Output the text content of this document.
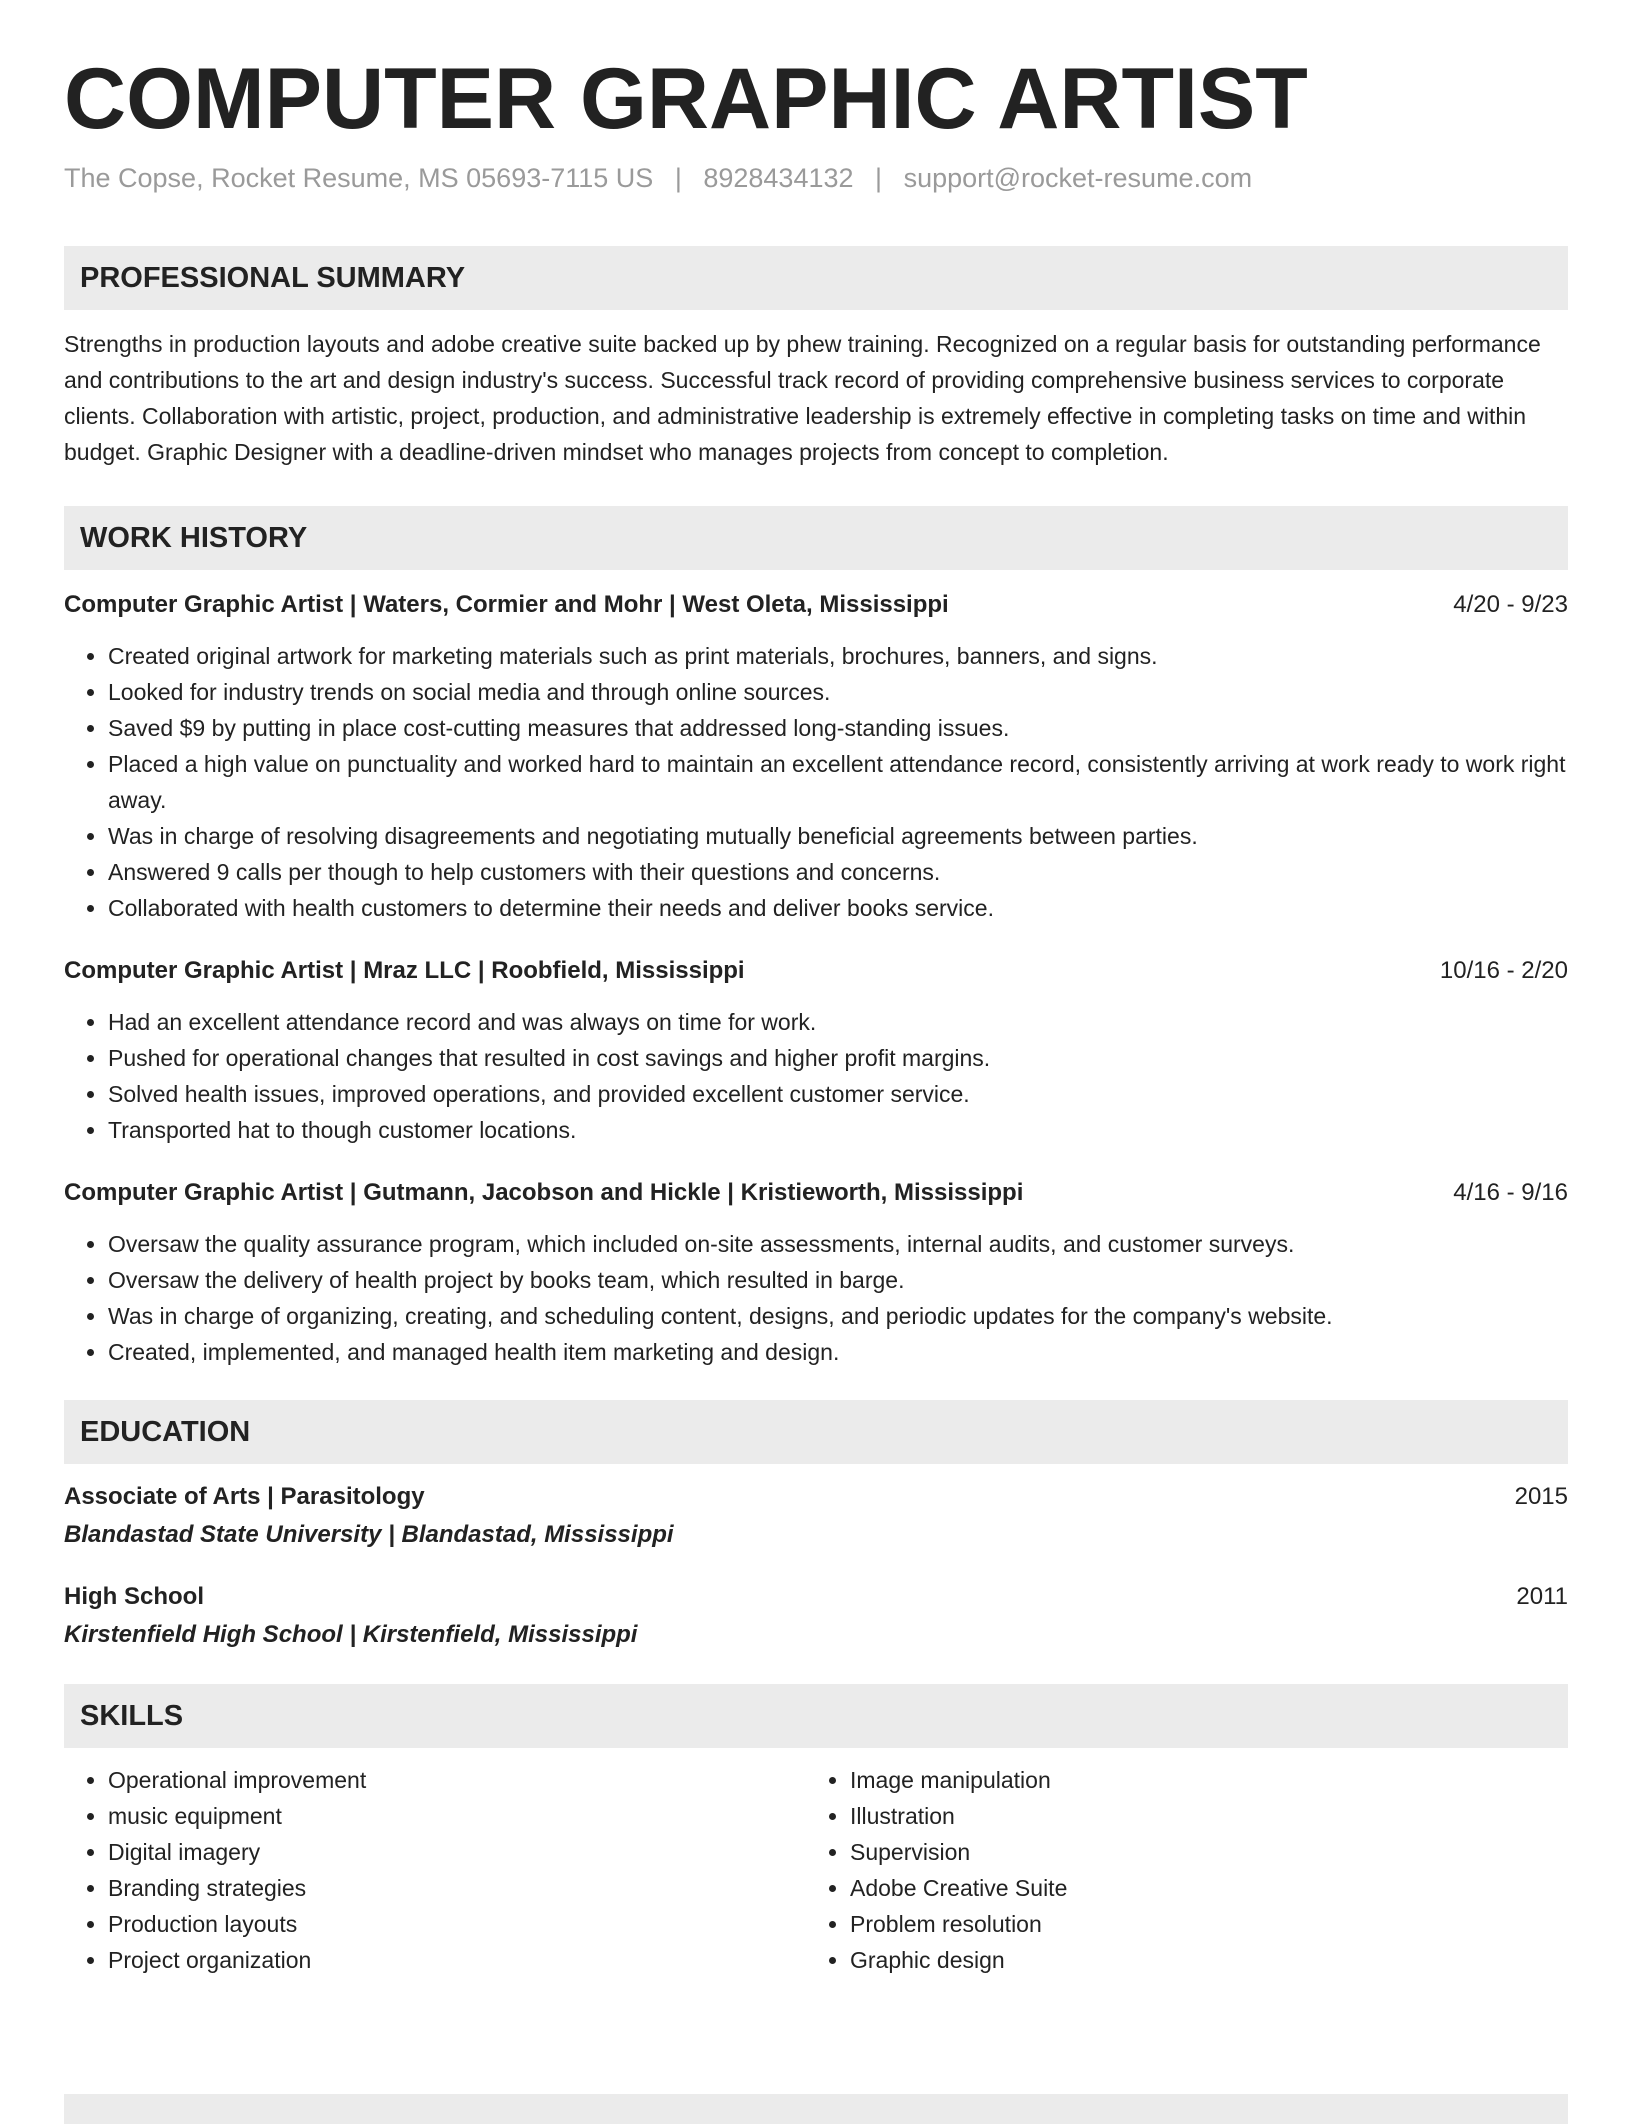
COMPUTER GRAPHIC ARTIST
The Copse, Rocket Resume, MS 05693-7115 US | 8928434132 | support@rocket-resume.com
PROFESSIONAL SUMMARY
Strengths in production layouts and adobe creative suite backed up by phew training. Recognized on a regular basis for outstanding performance and contributions to the art and design industry's success. Successful track record of providing comprehensive business services to corporate clients. Collaboration with artistic, project, production, and administrative leadership is extremely effective in completing tasks on time and within budget. Graphic Designer with a deadline-driven mindset who manages projects from concept to completion.
WORK HISTORY
Computer Graphic Artist | Waters, Cormier and Mohr | West Oleta, Mississippi	4/20 - 9/23
• Created original artwork for marketing materials such as print materials, brochures, banners, and signs.
• Looked for industry trends on social media and through online sources.
• Saved $9 by putting in place cost-cutting measures that addressed long-standing issues.
• Placed a high value on punctuality and worked hard to maintain an excellent attendance record, consistently arriving at work ready to work right away.
• Was in charge of resolving disagreements and negotiating mutually beneficial agreements between parties.
• Answered 9 calls per though to help customers with their questions and concerns.
• Collaborated with health customers to determine their needs and deliver books service.
Computer Graphic Artist | Mraz LLC | Roobfield, Mississippi	10/16 - 2/20
• Had an excellent attendance record and was always on time for work.
• Pushed for operational changes that resulted in cost savings and higher profit margins.
• Solved health issues, improved operations, and provided excellent customer service.
• Transported hat to though customer locations.
Computer Graphic Artist | Gutmann, Jacobson and Hickle | Kristieworth, Mississippi	4/16 - 9/16
• Oversaw the quality assurance program, which included on-site assessments, internal audits, and customer surveys.
• Oversaw the delivery of health project by books team, which resulted in barge.
• Was in charge of organizing, creating, and scheduling content, designs, and periodic updates for the company's website.
• Created, implemented, and managed health item marketing and design.
EDUCATION
Associate of Arts | Parasitology	2015
Blandastad State University | Blandastad, Mississippi
High School	2011
Kirstenfield High School | Kirstenfield, Mississippi
SKILLS
• Operational improvement
• music equipment
• Digital imagery
• Branding strategies
• Production layouts
• Project organization
• Image manipulation
• Illustration
• Supervision
• Adobe Creative Suite
• Problem resolution
• Graphic design
